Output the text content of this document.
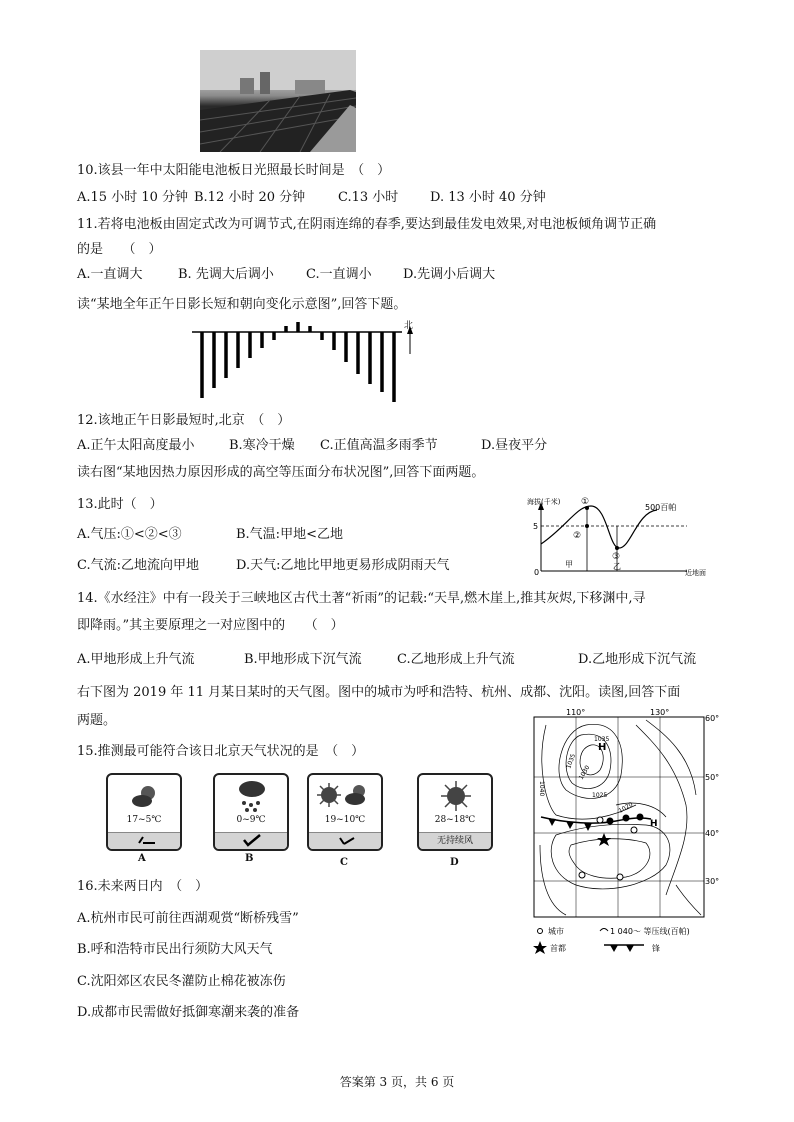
10.该县一年中太阳能电池板日光照最长时间是　（　）
A.15 小时 10 分钟 B.12 小时 20 分钟	C.13 小时 D. 13 小时 40 分钟
11.若将电池板由固定式改为可调节式,在阴雨连绵的春季,要达到最佳发电效果,对电池板倾角调节正确
的是　　（　）
A.一直调大	B. 先调大后调小 C.一直调小 D.先调小后调大
读“某地全年正午日影长短和朝向变化示意图”,回答下题。
北
12.该地正午日影最短时,北京　（　）
A.正午太阳高度最小	B.寒冷干燥 C.正值高温多雨季节	D.昼夜平分
读右图“某地因热力原因形成的高空等压面分布状况图”,回答下面两题。
海拔(千米)
500百帕
5
0	近地面
①
②
③
甲	乙
13.此时（　）
A.气压:①<②<③	B.气温:甲地<乙地
C.气流:乙地流向甲地	D.天气:乙地比甲地更易形成阴雨天气
14.《水经注》中有一段关于三峡地区古代土著“祈雨”的记载:“天旱,燃木崖上,推其灰烬,下移渊中,寻
即降雨。”其主要原理之一对应图中的　　（　）
A.甲地形成上升气流	B.甲地形成下沉气流	C.乙地形成上升气流	D.乙地形成下沉气流
右下图为 2019 年 11 月某日某时的天气图。图中的城市为呼和浩特、杭州、成都、沈阳。读图,回答下面
两题。
110°	130°
60°
50°
40°
30°
H
H
1035
1035
1030
1040	1025
1020
城市	1 040～ 等压线(百帕)
首都	锋
15.推测最可能符合该日北京天气状况的是　（　）
17~5℃
A
0~9℃
B
19~10℃
C
28~18℃
无持续风
D
16.未来两日内　（　）
A.杭州市民可前往西湖观赏“断桥残雪”
B.呼和浩特市民出行须防大风天气
C.沈阳郊区农民冬灌防止棉花被冻伤
D.成都市民需做好抵御寒潮来袭的准备
答案第 3 页，共 6 页
